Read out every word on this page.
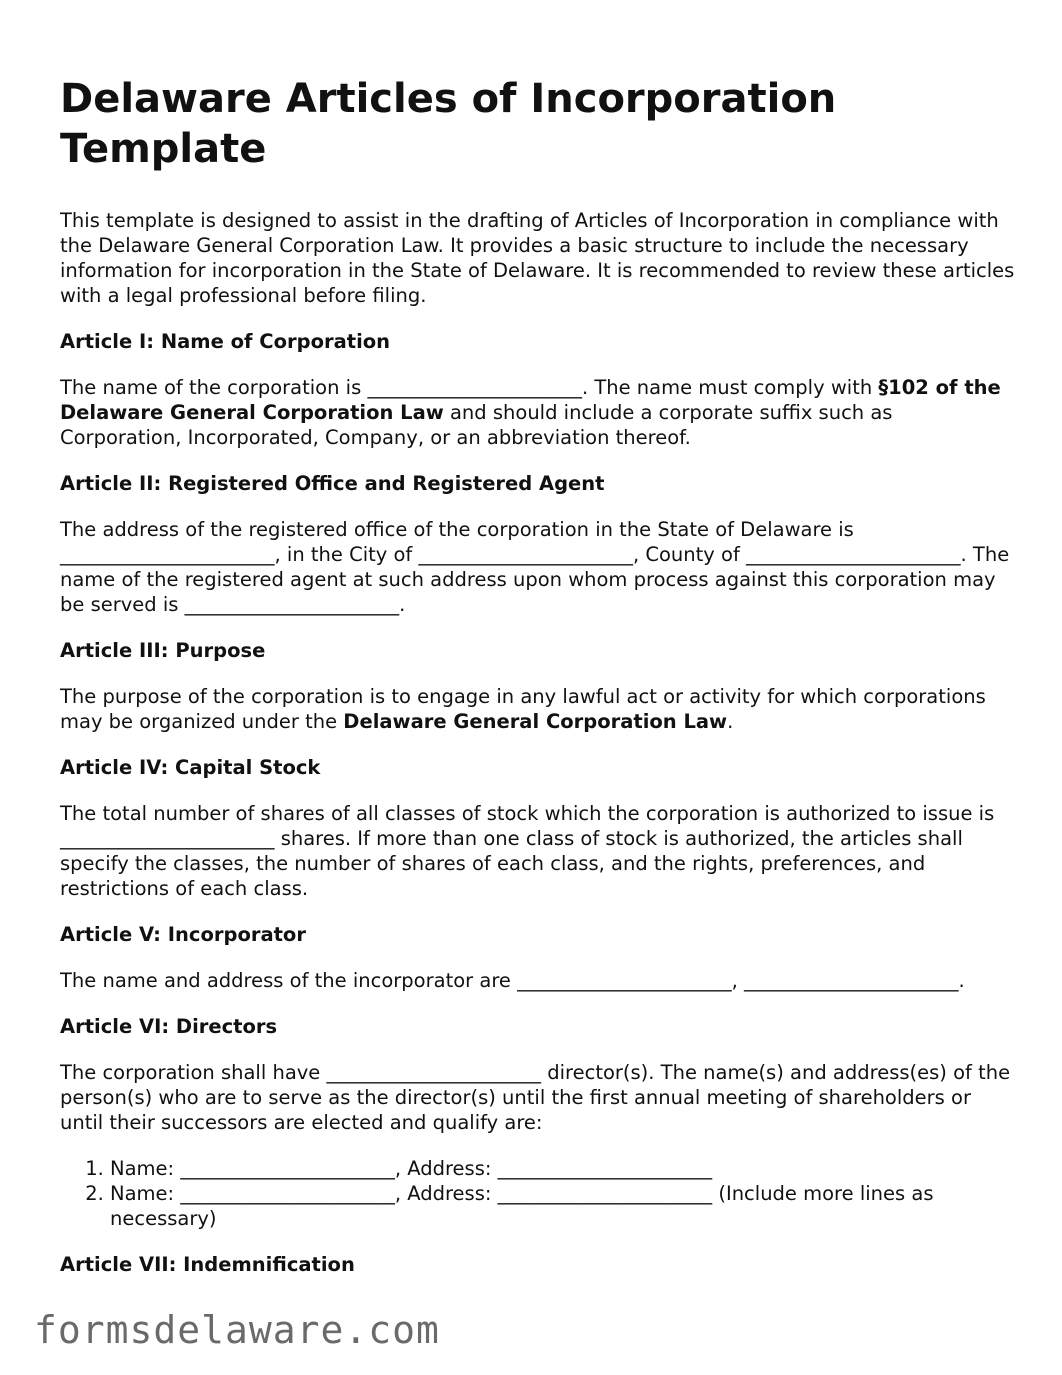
Delaware Articles of Incorporation Template

This template is designed to assist in the drafting of Articles of Incorporation in compliance with the Delaware General Corporation Law. It provides a basic structure to include the necessary information for incorporation in the State of Delaware. It is recommended to review these articles with a legal professional before filing.

Article I: Name of Corporation

The name of the corporation is ______________________. The name must comply with §102 of the Delaware General Corporation Law and should include a corporate suffix such as Corporation, Incorporated, Company, or an abbreviation thereof.

Article II: Registered Office and Registered Agent

The address of the registered office of the corporation in the State of Delaware is ______________________, in the City of ______________________, County of ______________________. The name of the registered agent at such address upon whom process against this corporation may be served is ______________________.

Article III: Purpose

The purpose of the corporation is to engage in any lawful act or activity for which corporations may be organized under the Delaware General Corporation Law.

Article IV: Capital Stock

The total number of shares of all classes of stock which the corporation is authorized to issue is ______________________ shares. If more than one class of stock is authorized, the articles shall specify the classes, the number of shares of each class, and the rights, preferences, and restrictions of each class.

Article V: Incorporator

The name and address of the incorporator are ______________________, ______________________.

Article VI: Directors

The corporation shall have ______________________ director(s). The name(s) and address(es) of the person(s) who are to serve as the director(s) until the first annual meeting of shareholders or until their successors are elected and qualify are:

1. Name: ______________________, Address: ______________________
2. Name: ______________________, Address: ______________________ (Include more lines as necessary)
Article VII: Indemnification
formsdelaware.com
